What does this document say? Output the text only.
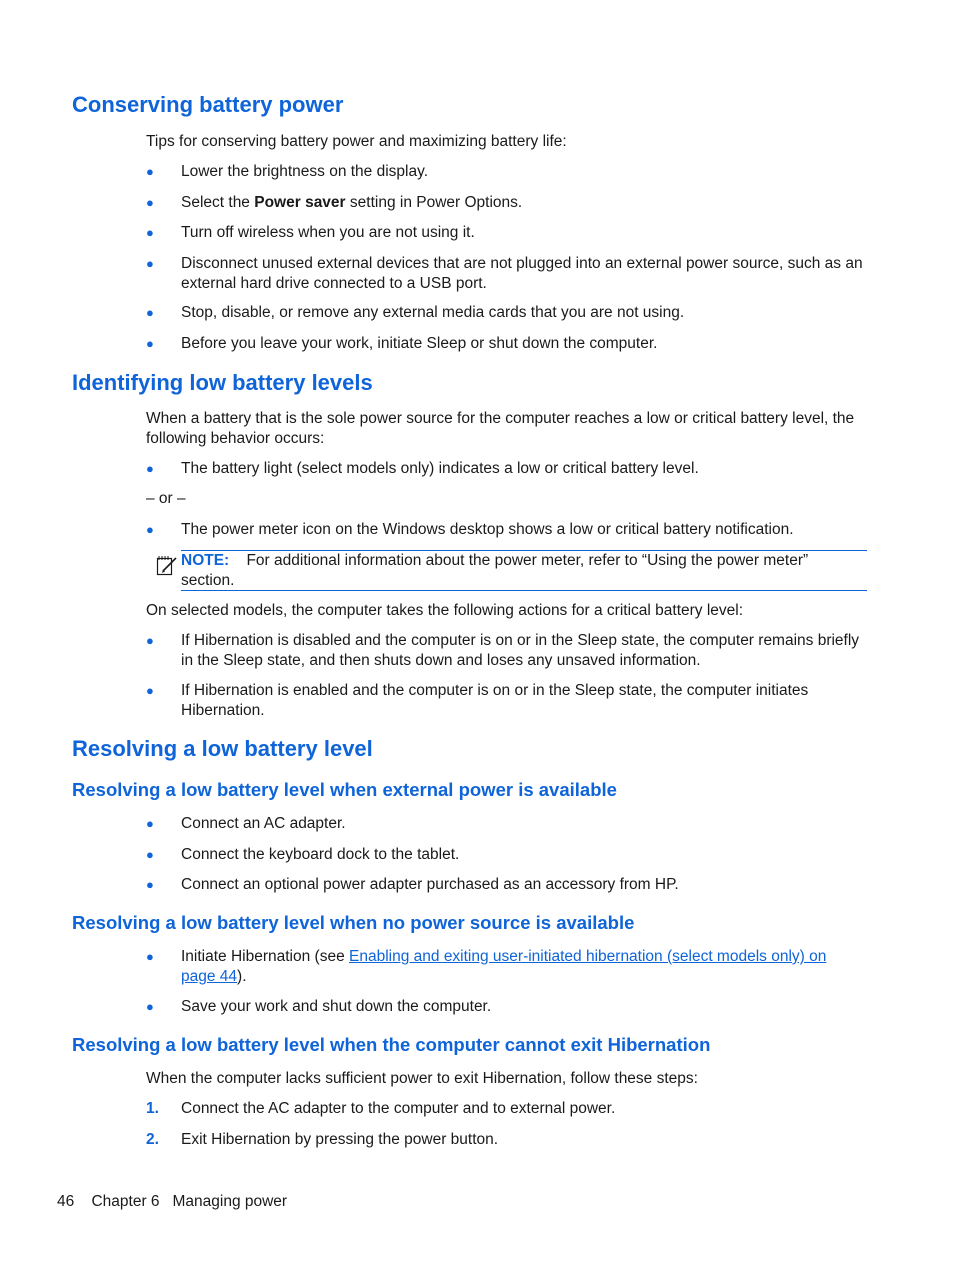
Conserving battery power
Tips for conserving battery power and maximizing battery life:
● Lower the brightness on the display.
● Select the Power saver setting in Power Options.
● Turn off wireless when you are not using it.
● Disconnect unused external devices that are not plugged into an external power source, such as an external hard drive connected to a USB port.
● Stop, disable, or remove any external media cards that you are not using.
● Before you leave your work, initiate Sleep or shut down the computer.
Identifying low battery levels
When a battery that is the sole power source for the computer reaches a low or critical battery level, the following behavior occurs:
● The battery light (select models only) indicates a low or critical battery level.
– or –
● The power meter icon on the Windows desktop shows a low or critical battery notification.
NOTE: For additional information about the power meter, refer to “Using the power meter” section.
On selected models, the computer takes the following actions for a critical battery level:
● If Hibernation is disabled and the computer is on or in the Sleep state, the computer remains briefly in the Sleep state, and then shuts down and loses any unsaved information.
● If Hibernation is enabled and the computer is on or in the Sleep state, the computer initiates Hibernation.
Resolving a low battery level
Resolving a low battery level when external power is available
● Connect an AC adapter.
● Connect the keyboard dock to the tablet.
● Connect an optional power adapter purchased as an accessory from HP.
Resolving a low battery level when no power source is available
● Initiate Hibernation (see Enabling and exiting user-initiated hibernation (select models only) on page 44).
● Save your work and shut down the computer.
Resolving a low battery level when the computer cannot exit Hibernation
When the computer lacks sufficient power to exit Hibernation, follow these steps:
1. Connect the AC adapter to the computer and to external power.
2. Exit Hibernation by pressing the power button.
46 Chapter 6 Managing power
